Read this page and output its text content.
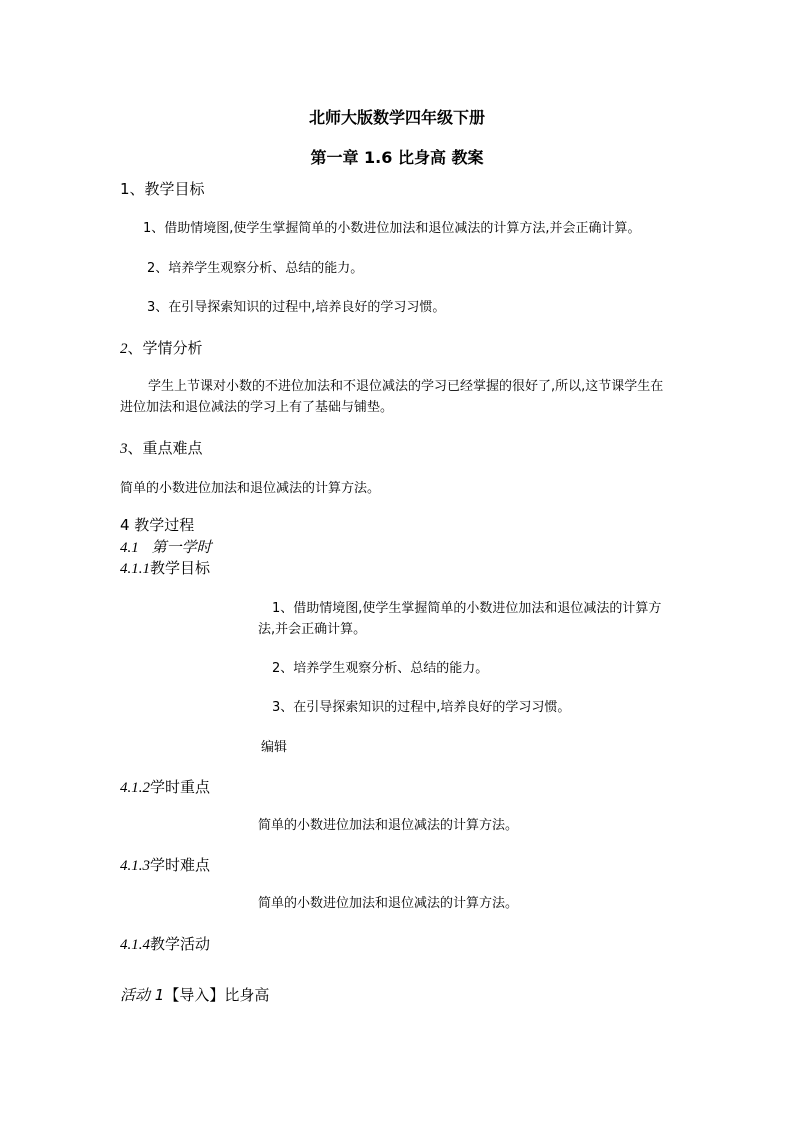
北师大版数学四年级下册
第一章 1.6 比身高 教案
1、教学目标
1、借助情境图,使学生掌握简单的小数进位加法和退位减法的计算方法,并会正确计算。
2、培养学生观察分析、总结的能力。
3、在引导探索知识的过程中,培养良好的学习习惯。
2、学情分析
学生上节课对小数的不进位加法和不退位减法的学习已经掌握的很好了,所以,这节课学生在进位加法和退位减法的学习上有了基础与铺垫。
3、重点难点
简单的小数进位加法和退位减法的计算方法。
4 教学过程
4.1 第一学时
4.1.1教学目标
1、借助情境图,使学生掌握简单的小数进位加法和退位减法的计算方法,并会正确计算。
2、培养学生观察分析、总结的能力。
3、在引导探索知识的过程中,培养良好的学习习惯。
编辑
4.1.2学时重点
简单的小数进位加法和退位减法的计算方法。
4.1.3学时难点
简单的小数进位加法和退位减法的计算方法。
4.1.4教学活动
活动 1【导入】比身高
